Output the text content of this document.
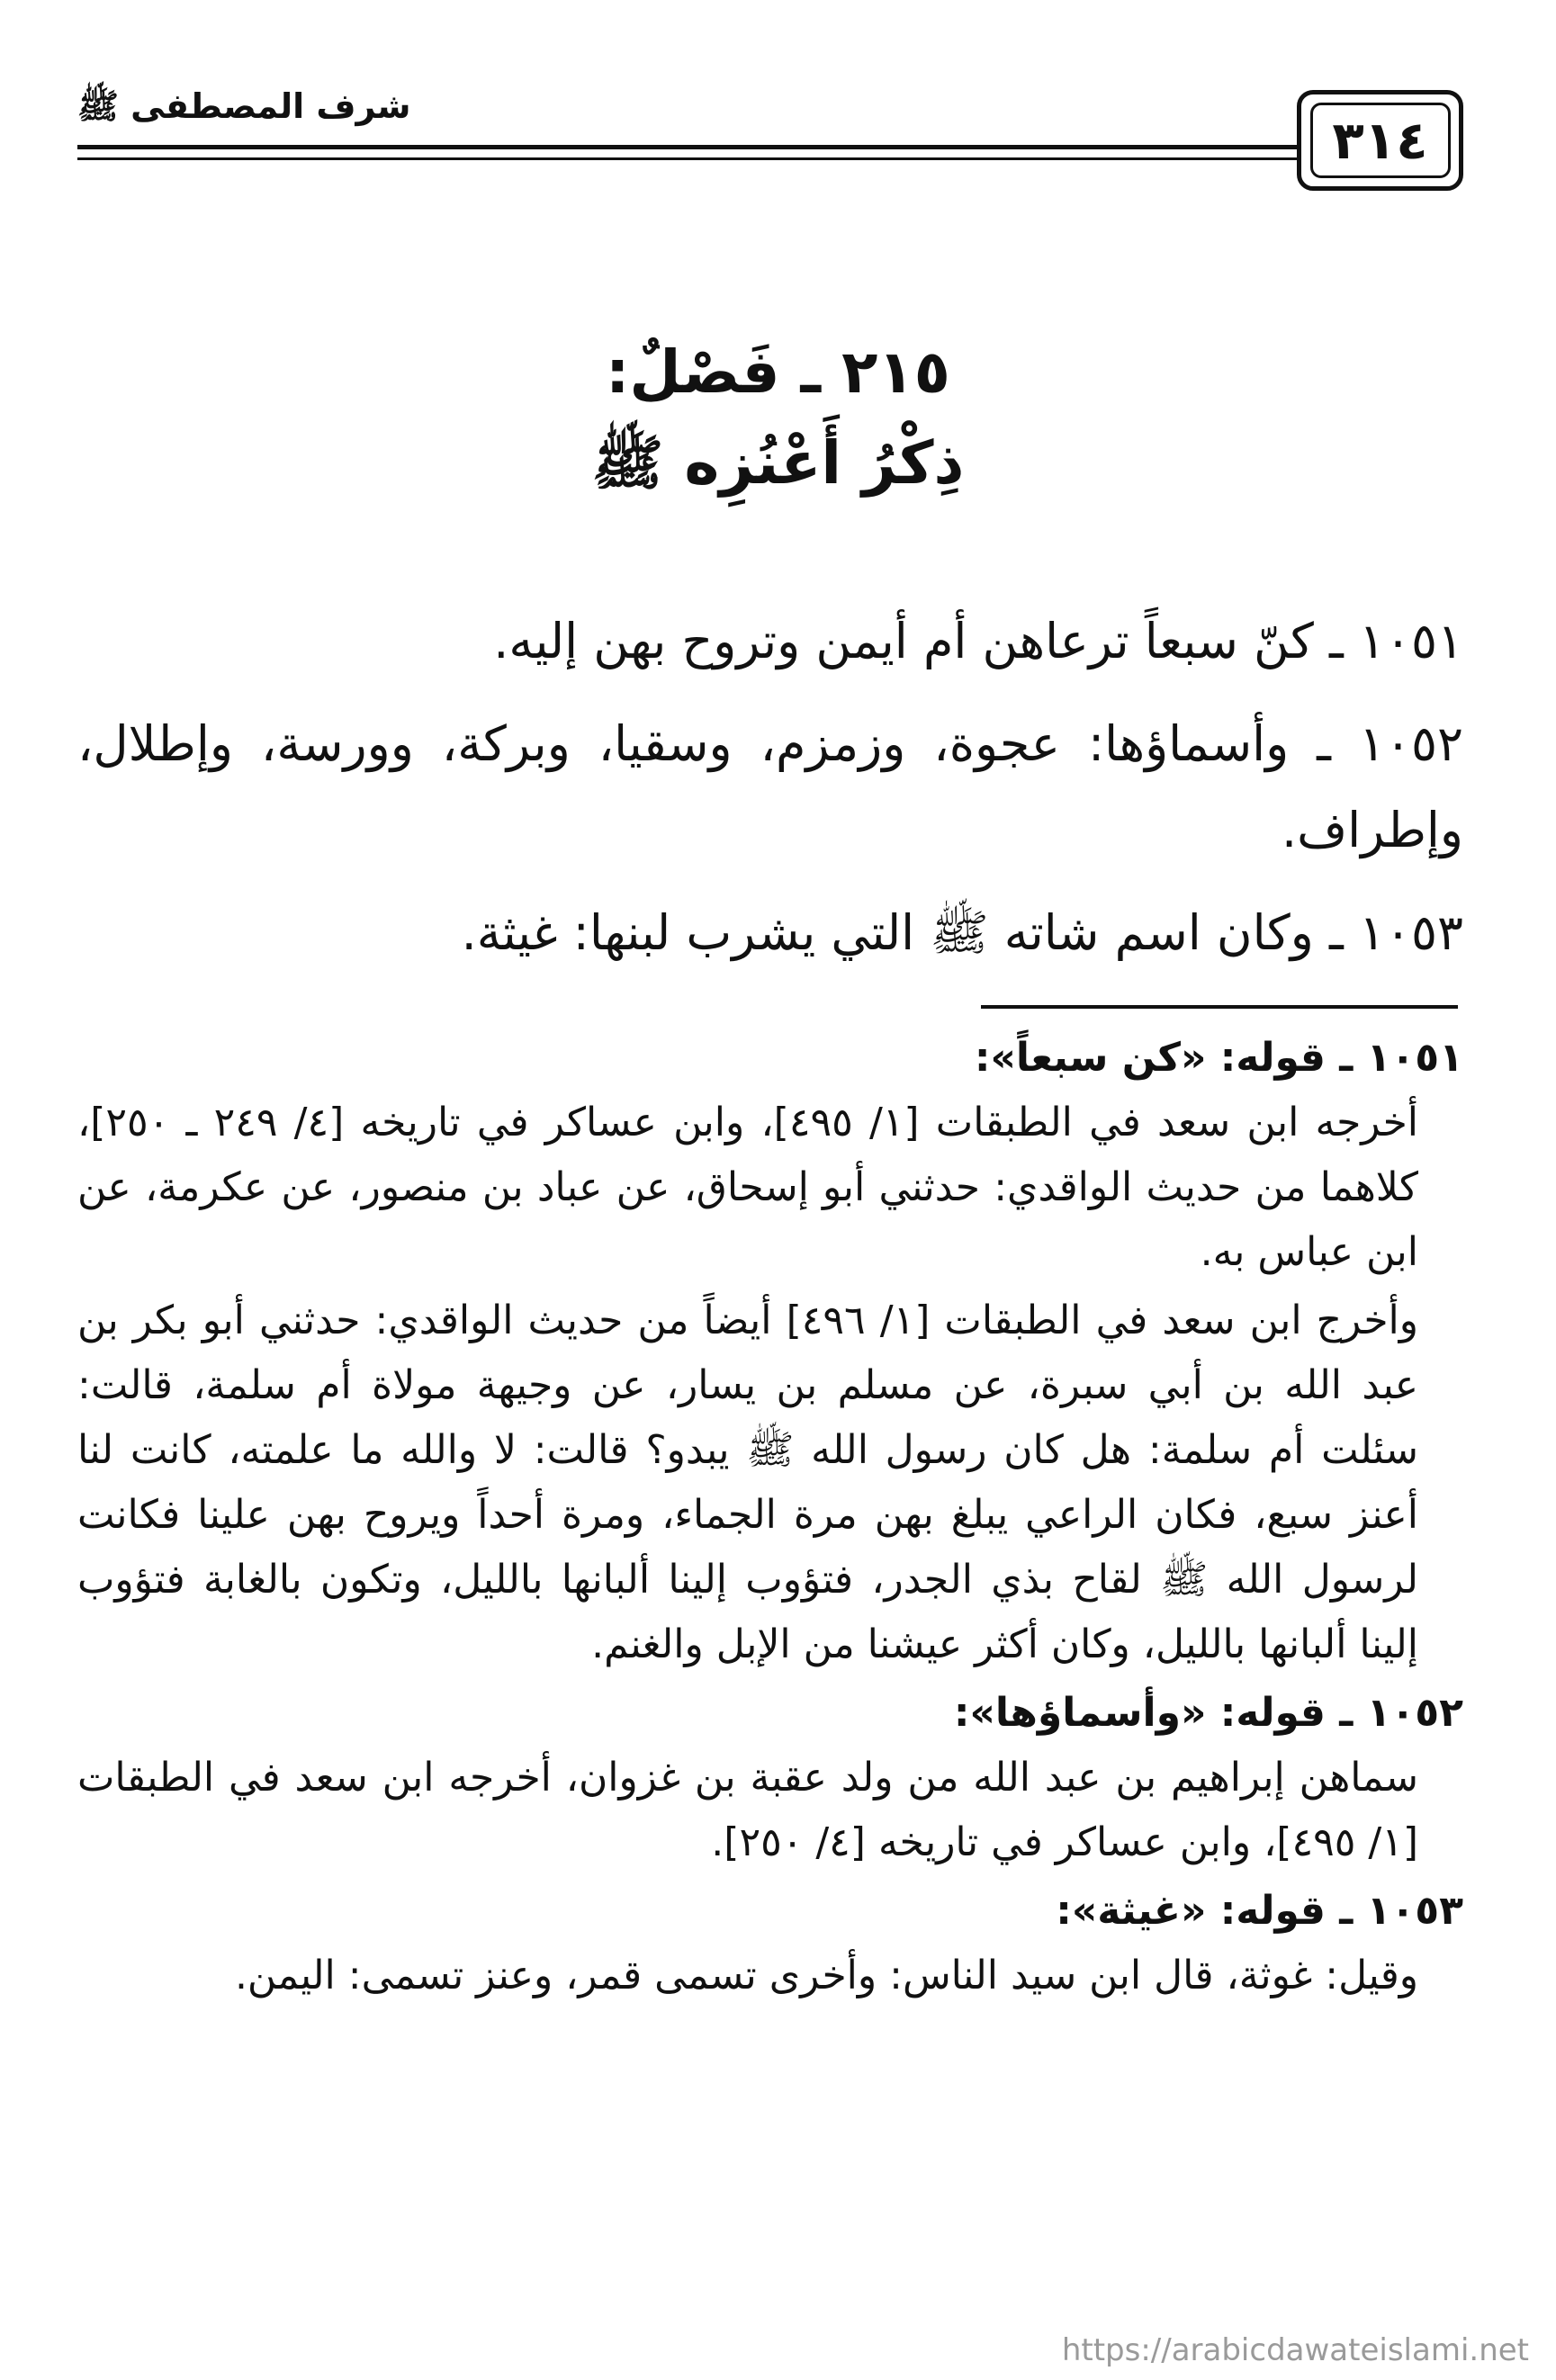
٣١٤
شرف المصطفى ﷺ
٢١٥ ـ فَصْلٌ:
ذِكْرُ أَعْنُزِه ﷺ

١٠٥١ ـ كنّ سبعاً ترعاهن أم أيمن وتروح بهن إليه.

١٠٥٢ ـ وأسماؤها: عجوة، وزمزم، وسقيا، وبركة، وورسة، وإطلال، وإطراف.

١٠٥٣ ـ وكان اسم شاته ﷺ التي يشرب لبنها: غيثة.

١٠٥١ ـ قوله: «كن سبعاً»:

أخرجه ابن سعد في الطبقات [١/ ٤٩٥]، وابن عساكر في تاريخه [٤/ ٢٤٩ ـ ٢٥٠]، كلاهما من حديث الواقدي: حدثني أبو إسحاق، عن عباد بن منصور، عن عكرمة، عن ابن عباس به.

وأخرج ابن سعد في الطبقات [١/ ٤٩٦] أيضاً من حديث الواقدي: حدثني أبو بكر بن عبد الله بن أبي سبرة، عن مسلم بن يسار، عن وجيهة مولاة أم سلمة، قالت: سئلت أم سلمة: هل كان رسول الله ﷺ يبدو؟ قالت: لا والله ما علمته، كانت لنا أعنز سبع، فكان الراعي يبلغ بهن مرة الجماء، ومرة أحداً ويروح بهن علينا فكانت لرسول الله ﷺ لقاح بذي الجدر، فتؤوب إلينا ألبانها بالليل، وتكون بالغابة فتؤوب إلينا ألبانها بالليل، وكان أكثر عيشنا من الإبل والغنم.

١٠٥٢ ـ قوله: «وأسماؤها»:

سماهن إبراهيم بن عبد الله من ولد عقبة بن غزوان، أخرجه ابن سعد في الطبقات [١/ ٤٩٥]، وابن عساكر في تاريخه [٤/ ٢٥٠].

١٠٥٣ ـ قوله: «غيثة»:

وقيل: غوثة، قال ابن سيد الناس: وأخرى تسمى قمر، وعنز تسمى: اليمن.

https://arabicdawateislami.net
